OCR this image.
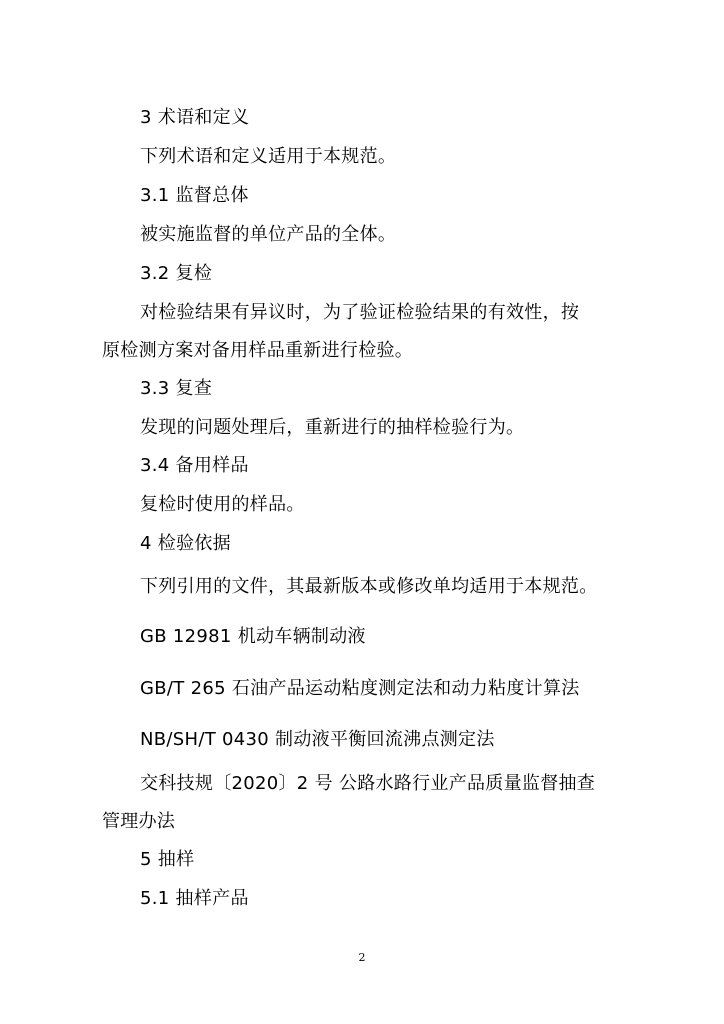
3 术语和定义
下列术语和定义适用于本规范。
3.1 监督总体
被实施监督的单位产品的全体。
3.2 复检
对检验结果有异议时，为了验证检验结果的有效性，按
原检测方案对备用样品重新进行检验。
3.3 复查
发现的问题处理后，重新进行的抽样检验行为。
3.4 备用样品
复检时使用的样品。
4 检验依据
下列引用的文件，其最新版本或修改单均适用于本规范。
GB 12981 机动车辆制动液
GB/T 265 石油产品运动粘度测定法和动力粘度计算法
NB/SH/T 0430 制动液平衡回流沸点测定法
交科技规〔2020〕2 号 公路水路行业产品质量监督抽查
管理办法
5 抽样
5.1 抽样产品
2
